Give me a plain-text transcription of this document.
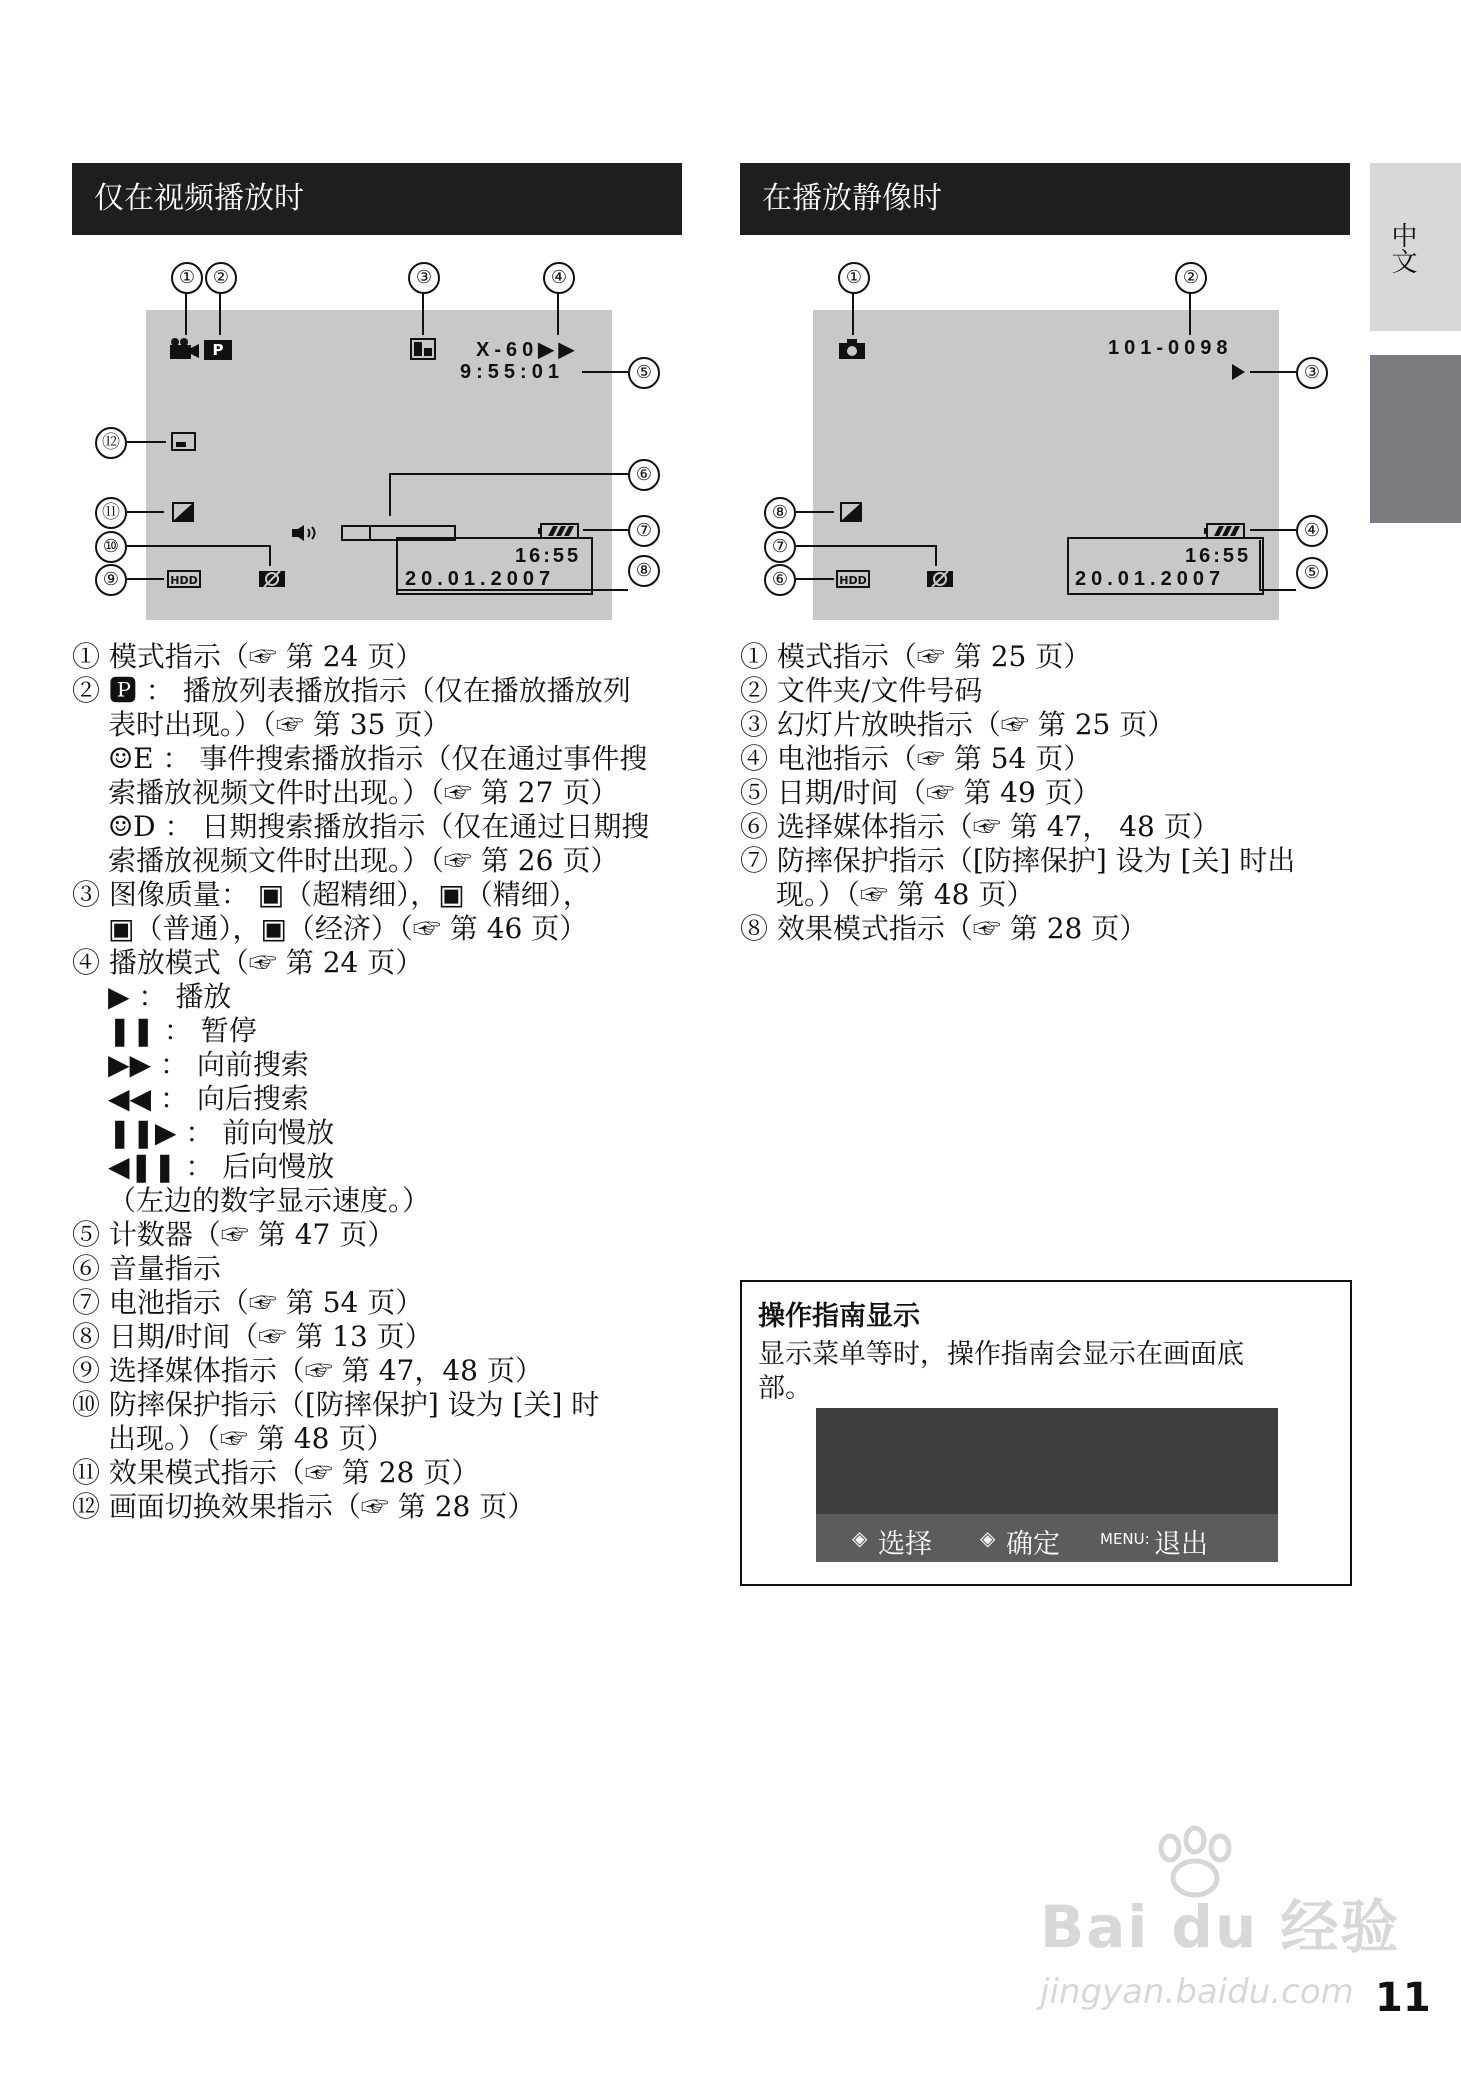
中文
仅在视频播放时
① ②	③	④
⑤
⑥
⑦
⑧
⑨
⑩
⑪
⑫
P	X-60▶▶
9:55:01
16:55
20.01.2007
HDD
① 模式指示（☞ 第 24 页）
② 🅿 ： 播放列表播放指示（仅在播放播放列
表时出现。）（☞ 第 35 页）
☺E ： 事件搜索播放指示（仅在通过事件搜
索播放视频文件时出现。）（☞ 第 27 页）
☺D ： 日期搜索播放指示（仅在通过日期搜
索播放视频文件时出现。）（☞ 第 26 页）
③ 图像质量： ▣（超精细），▣（精细），
▣（普通），▣（经济）（☞ 第 46 页）
④ 播放模式（☞ 第 24 页）
▶ ： 播放
❚❚ ： 暂停
▶▶ ： 向前搜索
◀◀ ： 向后搜索
❚❚▶ ： 前向慢放
◀❚❚ ： 后向慢放
（左边的数字显示速度。）
⑤ 计数器（☞ 第 47 页）
⑥ 音量指示
⑦ 电池指示（☞ 第 54 页）
⑧ 日期/时间（☞ 第 13 页）
⑨ 选择媒体指示（☞ 第 47，48 页）
⑩ 防摔保护指示（[防摔保护] 设为 [关] 时
出现。）（☞ 第 48 页）
⑪ 效果模式指示（☞ 第 28 页）
⑫ 画面切换效果指示（☞ 第 28 页）
在播放静像时
①	②
③
④
⑤
⑧
⑦
⑥
101-0098
16:55
20.01.2007
HDD
① 模式指示（☞ 第 25 页）
② 文件夹/文件号码
③ 幻灯片放映指示（☞ 第 25 页）
④ 电池指示（☞ 第 54 页）
⑤ 日期/时间（☞ 第 49 页）
⑥ 选择媒体指示（☞ 第 47， 48 页）
⑦ 防摔保护指示（[防摔保护] 设为 [关] 时出
现。）（☞ 第 48 页）
⑧ 效果模式指示（☞ 第 28 页）
操作指南显示
显示菜单等时，操作指南会显示在画面底
部。
◈ 选择 ◈ 确定	MENU: 退出
Bai du 经验
jingyan.baidu.com 11
